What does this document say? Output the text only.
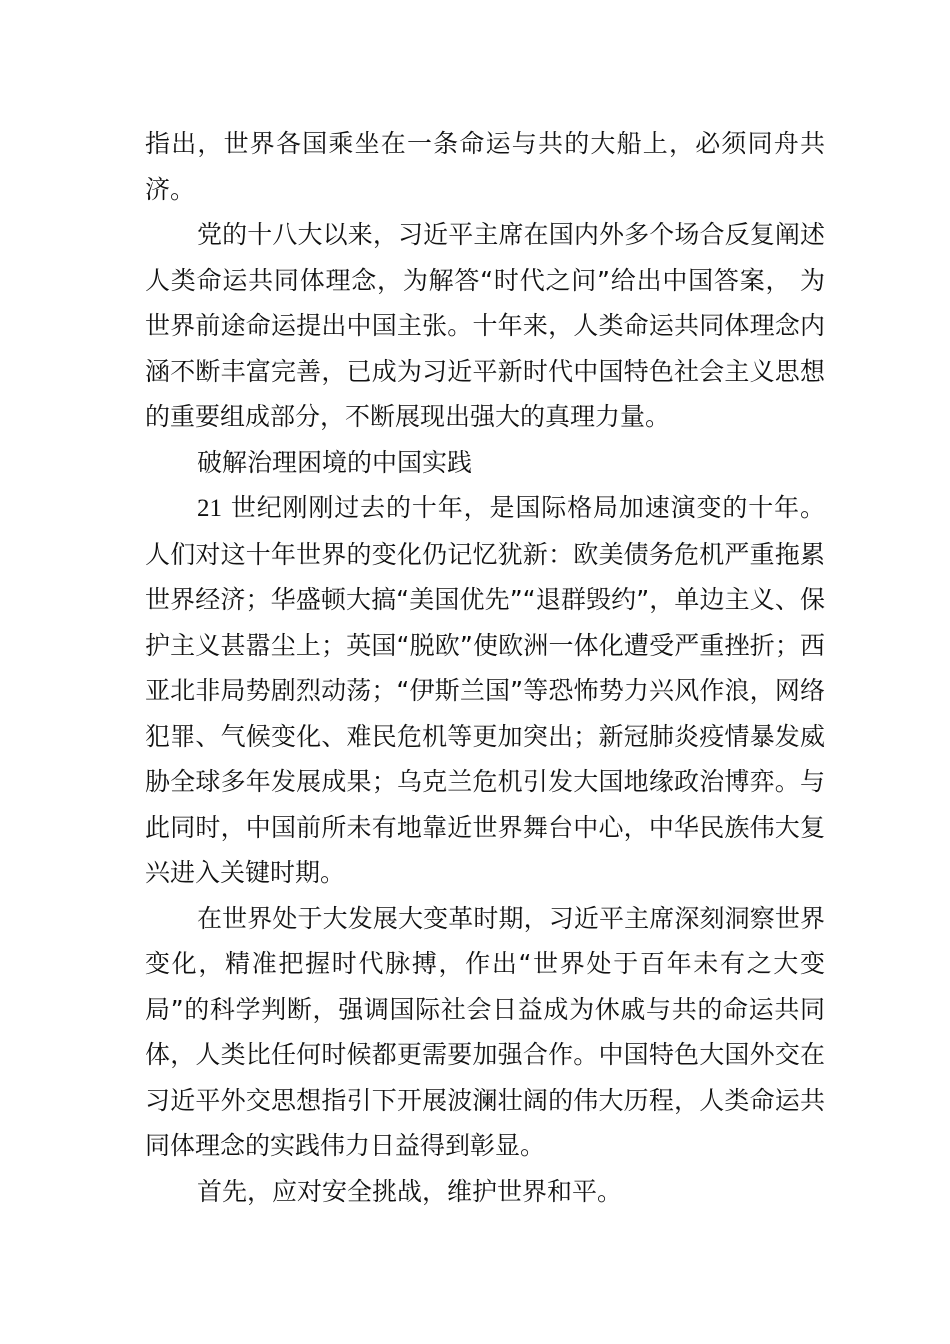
指出，世界各国乘坐在一条命运与共的大船上，必须同舟共济。

党的十八大以来，习近平主席在国内外多个场合反复阐述人类命运共同体理念，为解答“时代之问”给出中国答案， 为世界前途命运提出中国主张。十年来，人类命运共同体理念内涵不断丰富完善，已成为习近平新时代中国特色社会主义思想的重要组成部分，不断展现出强大的真理力量。

破解治理困境的中国实践

21 世纪刚刚过去的十年，是国际格局加速演变的十年。人们对这十年世界的变化仍记忆犹新：欧美债务危机严重拖累世界经济；华盛顿大搞“美国优先”“退群毁约”，单边主义、保护主义甚嚣尘上；英国“脱欧”使欧洲一体化遭受严重挫折；西亚北非局势剧烈动荡；“伊斯兰国”等恐怖势力兴风作浪，网络犯罪、气候变化、难民危机等更加突出；新冠肺炎疫情暴发威胁全球多年发展成果；乌克兰危机引发大国地缘政治博弈。与此同时，中国前所未有地靠近世界舞台中心，中华民族伟大复兴进入关键时期。

在世界处于大发展大变革时期，习近平主席深刻洞察世界变化，精准把握时代脉搏，作出“世界处于百年未有之大变局”的科学判断，强调国际社会日益成为休戚与共的命运共同体，人类比任何时候都更需要加强合作。中国特色大国外交在习近平外交思想指引下开展波澜壮阔的伟大历程，人类命运共同体理念的实践伟力日益得到彰显。

首先，应对安全挑战，维护世界和平。
